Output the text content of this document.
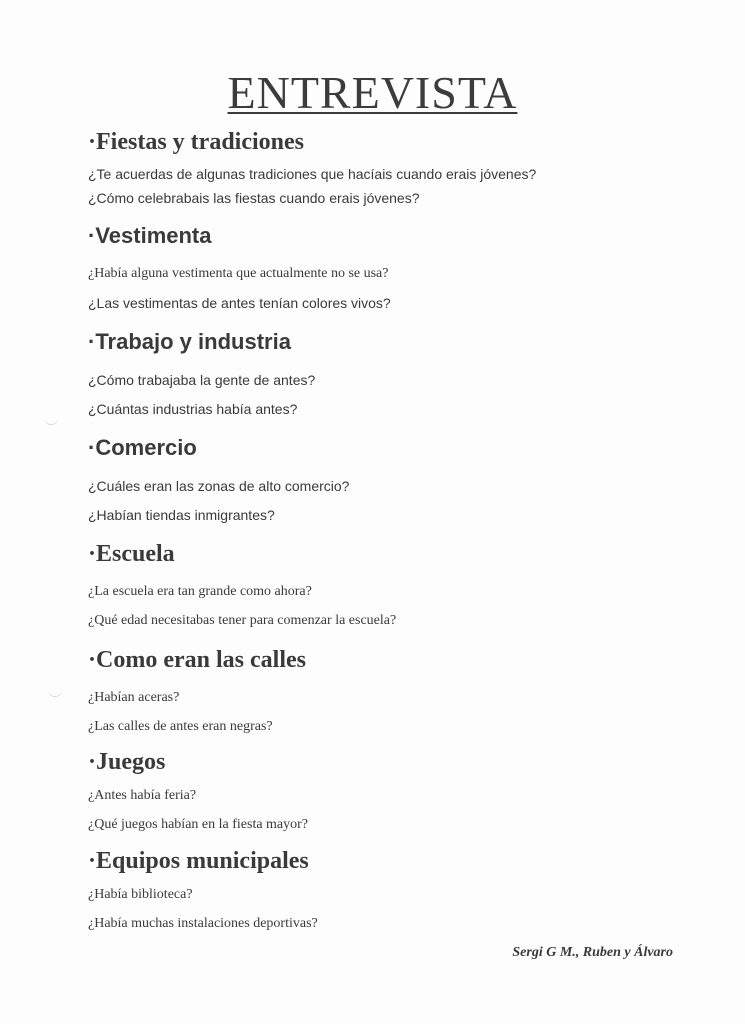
ENTREVISTA
·Fiestas y tradiciones
¿Te acuerdas de algunas tradiciones que hacíais cuando erais jóvenes?
¿Cómo celebrabais las fiestas cuando erais jóvenes?
·Vestimenta
¿Había alguna vestimenta que actualmente no se usa?
¿Las vestimentas de antes tenían colores vivos?
·Trabajo y industria
¿Cómo trabajaba la gente de antes?
¿Cuántas industrias había antes?
·Comercio
¿Cuáles eran las zonas de alto comercio?
¿Habían tiendas inmigrantes?
·Escuela
¿La escuela era tan grande como ahora?
¿Qué edad necesitabas tener para comenzar la escuela?
·Como eran las calles
¿Habían aceras?
¿Las calles de antes eran negras?
·Juegos
¿Antes había feria?
¿Qué juegos habían en la fiesta mayor?
·Equipos municipales
¿Había biblioteca?
¿Había muchas instalaciones deportivas?
Sergi G M., Ruben y Álvaro
